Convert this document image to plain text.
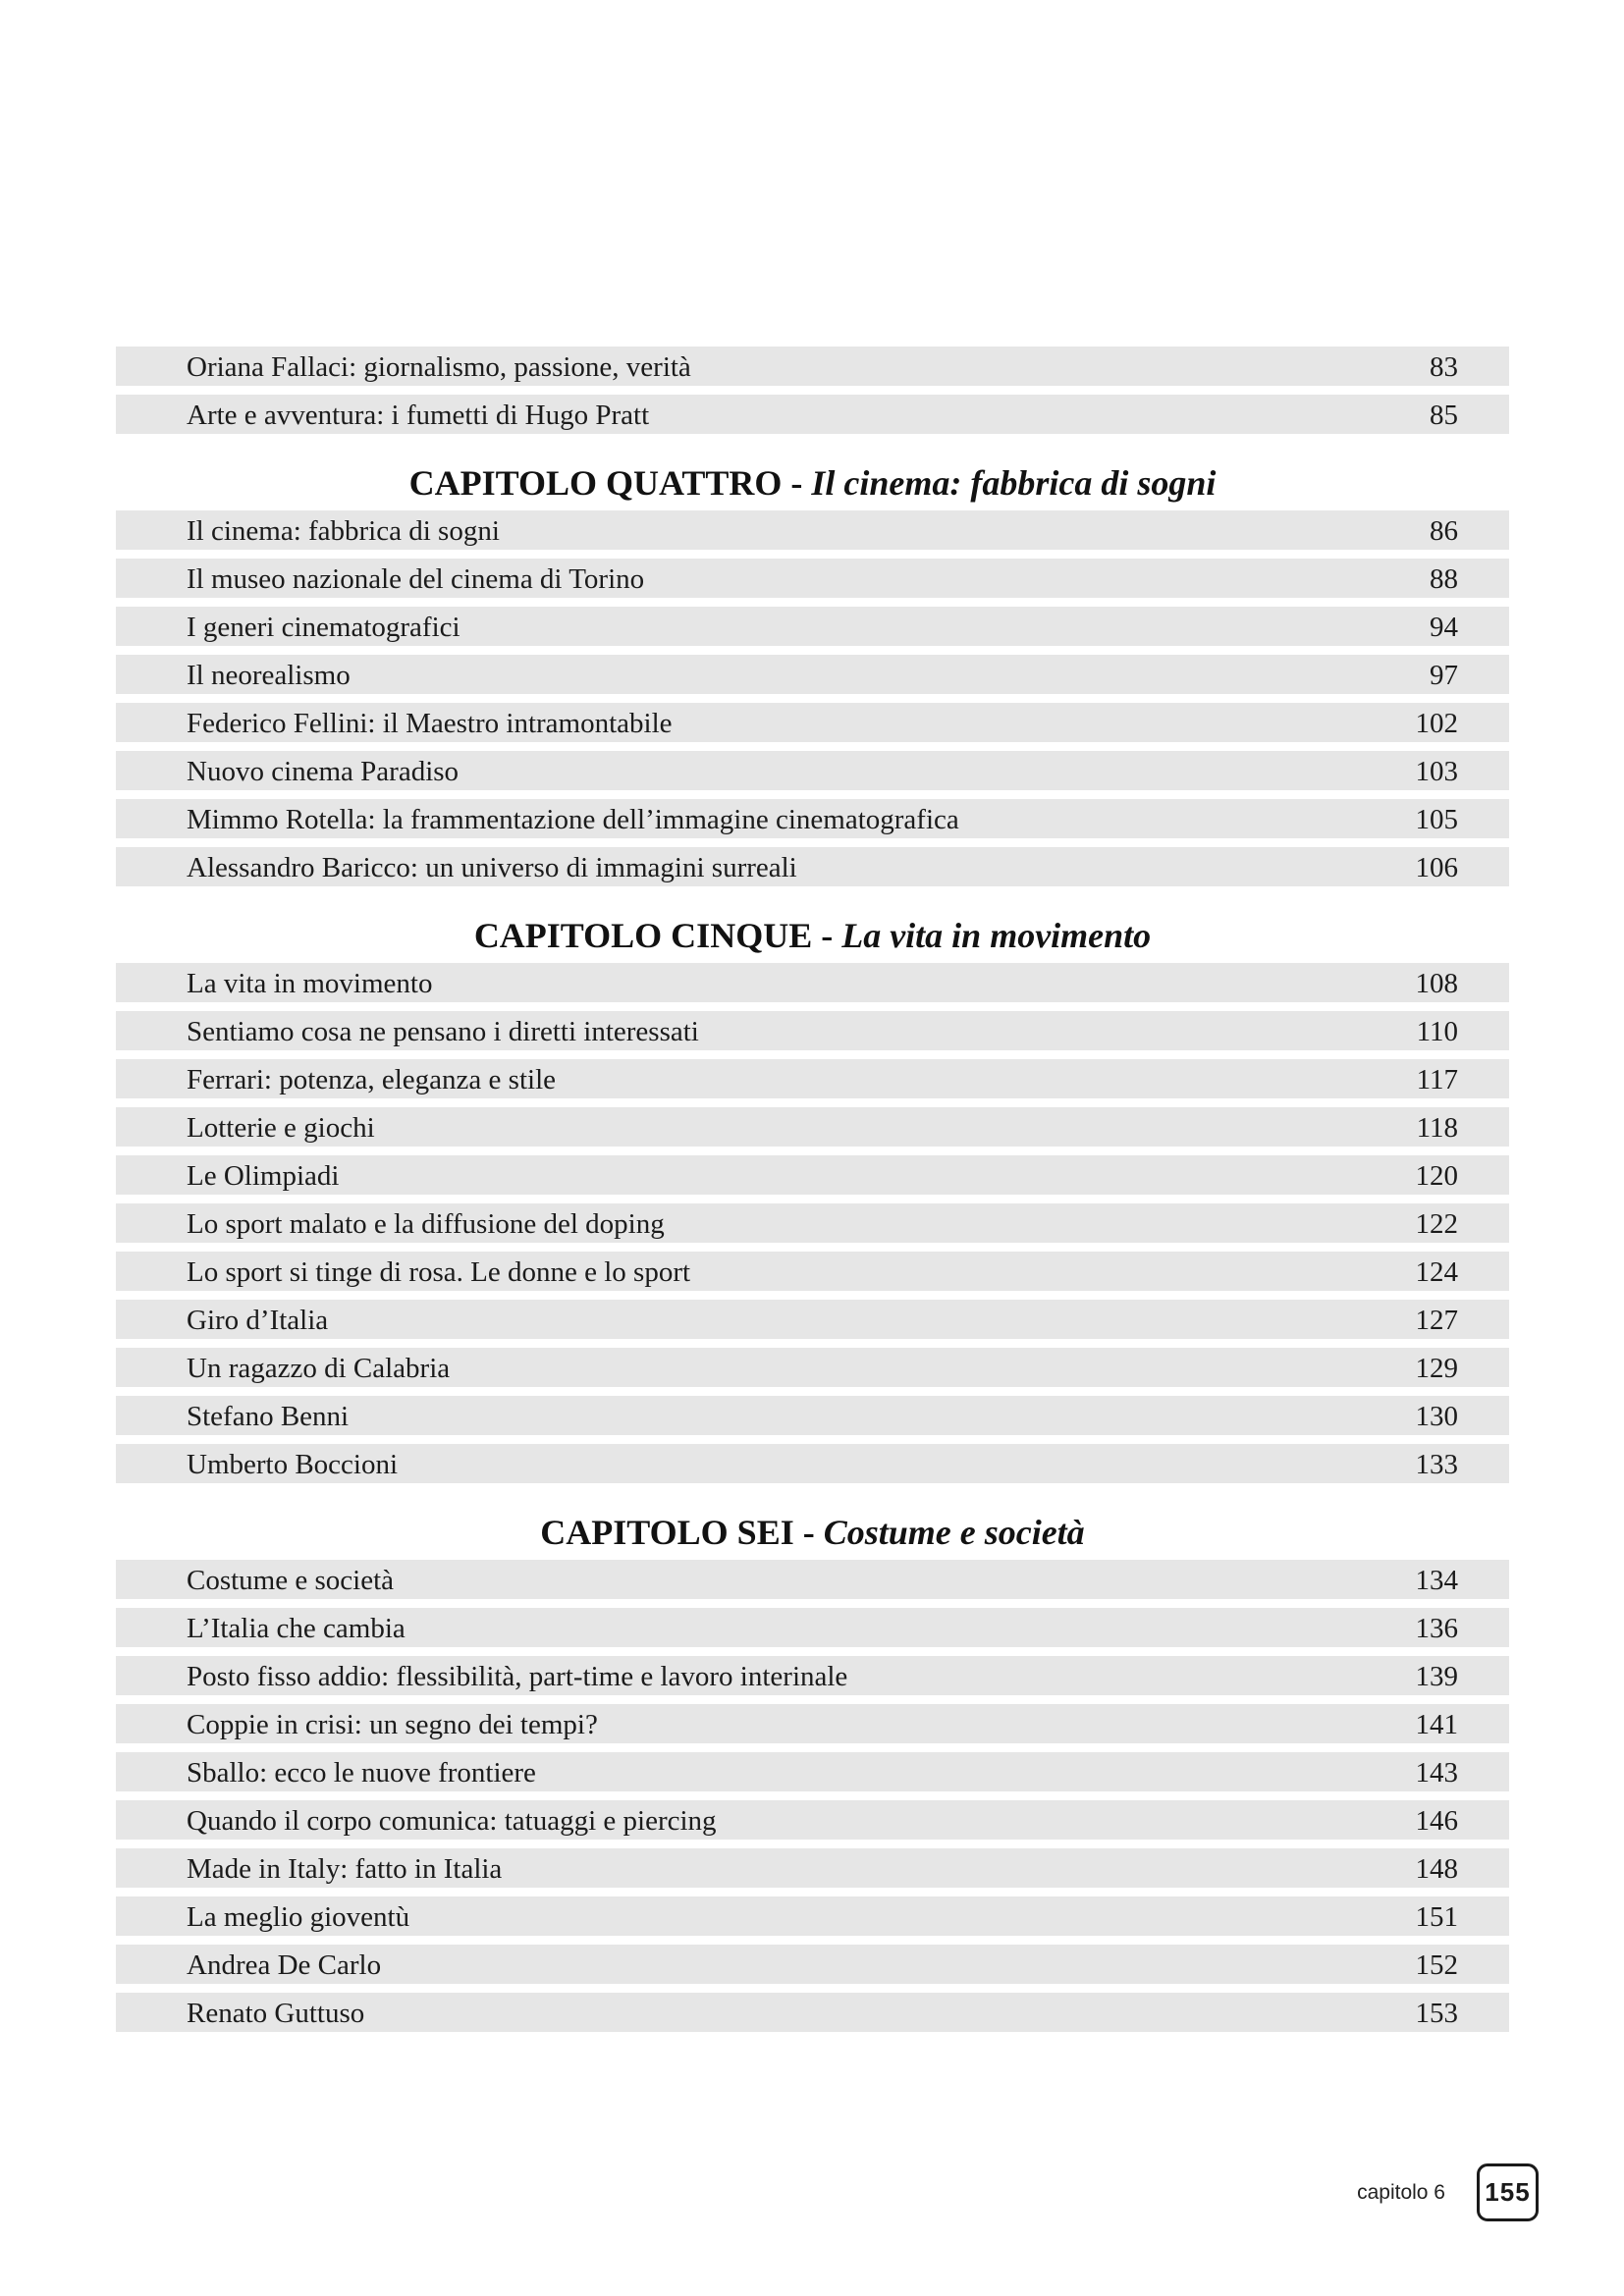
Oriana Fallaci: giornalismo, passione, verità	83
Arte e avventura: i fumetti di Hugo Pratt	85
CAPITOLO QUATTRO - Il cinema: fabbrica di sogni
Il cinema: fabbrica di sogni	86
Il museo nazionale del cinema di Torino	88
I generi cinematografici	94
Il neorealismo	97
Federico Fellini: il Maestro intramontabile	102
Nuovo cinema Paradiso	103
Mimmo Rotella: la frammentazione dell’immagine cinematografica	105
Alessandro Baricco: un universo di immagini surreali	106
CAPITOLO CINQUE - La vita in movimento
La vita in movimento	108
Sentiamo cosa ne pensano i diretti interessati	110
Ferrari: potenza, eleganza e stile	117
Lotterie e giochi	118
Le Olimpiadi	120
Lo sport malato e la diffusione del doping	122
Lo sport si tinge di rosa. Le donne e lo sport	124
Giro d’Italia	127
Un ragazzo di Calabria	129
Stefano Benni	130
Umberto Boccioni	133
CAPITOLO SEI - Costume e società
Costume e società	134
L’Italia che cambia	136
Posto fisso addio: flessibilità, part-time e lavoro interinale	139
Coppie in crisi: un segno dei tempi?	141
Sballo: ecco le nuove frontiere	143
Quando il corpo comunica: tatuaggi e piercing	146
Made in Italy: fatto in Italia	148
La meglio gioventù	151
Andrea De Carlo	152
Renato Guttuso	153
capitolo 6 155
